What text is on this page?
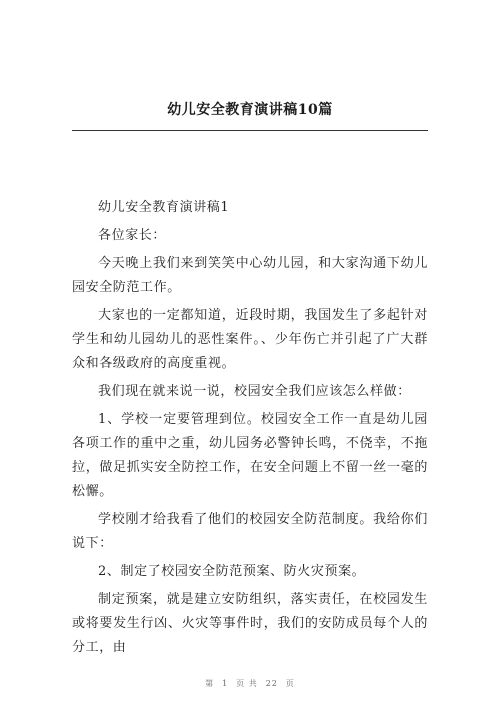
幼儿安全教育演讲稿10篇

幼儿安全教育演讲稿1

各位家长：

今天晚上我们来到笑笑中心幼儿园，和大家沟通下幼儿园安全防范工作。

大家也的一定都知道，近段时期，我国发生了多起针对学生和幼儿园幼儿的恶性案件。、少年伤亡并引起了广大群众和各级政府的高度重视。

我们现在就来说一说，校园安全我们应该怎么样做：

1、学校一定要管理到位。校园安全工作一直是幼儿园各项工作的重中之重，幼儿园务必警钟长鸣，不侥幸，不拖拉，做足抓实安全防控工作，在安全问题上不留一丝一毫的松懈。

学校刚才给我看了他们的校园安全防范制度。我给你们说下：

2、制定了校园安全防范预案、防火灾预案。

制定预案，就是建立安防组织，落实责任，在校园发生或将要发生行凶、火灾等事件时，我们的安防成员每个人的分工，由

第 1 页 共 22 页
